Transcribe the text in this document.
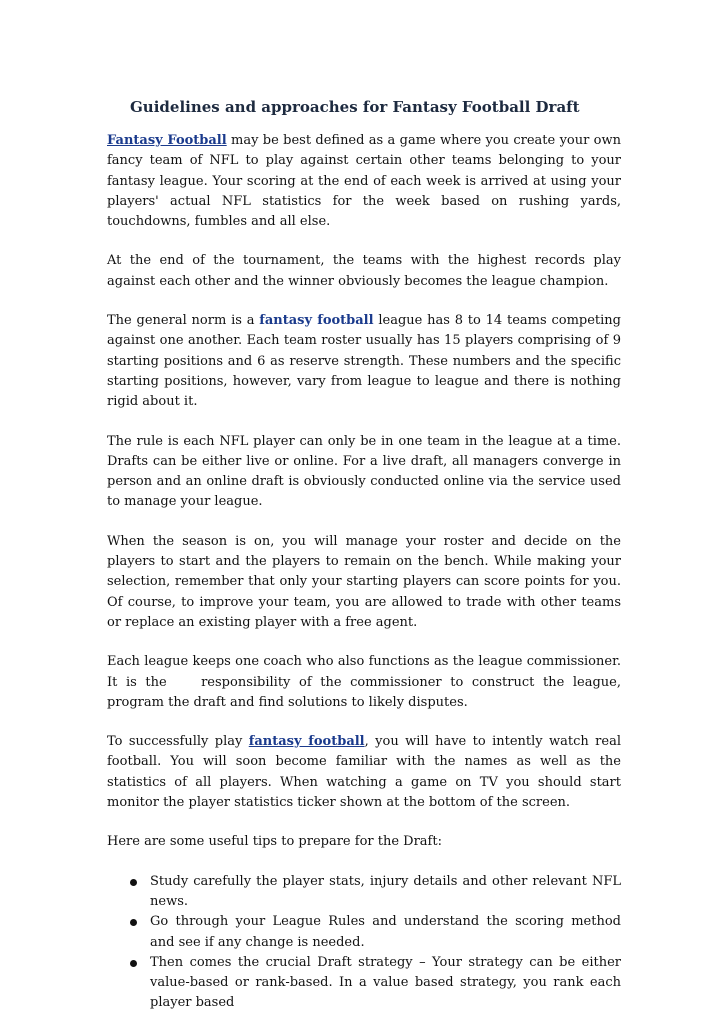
Guidelines and approaches for Fantasy Football Draft

Fantasy Football may be best defined as a game where you create your own fancy team of NFL to play against certain other teams belonging to your fantasy league. Your scoring at the end of each week is arrived at using your players' actual NFL statistics for the week based on rushing yards, touchdowns, fumbles and all else.

At the end of the tournament, the teams with the highest records play against each other and the winner obviously becomes the league champion.

The general norm is a fantasy football league has 8 to 14 teams competing against one another. Each team roster usually has 15 players comprising of 9 starting positions and 6 as reserve strength. These numbers and the specific starting positions, however, vary from league to league and there is nothing rigid about it.

The rule is each NFL player can only be in one team in the league at a time. Drafts can be either live or online. For a live draft, all managers converge in person and an online draft is obviously conducted online via the service used to manage your league.

When the season is on, you will manage your roster and decide on the players to start and the players to remain on the bench. While making your selection, remember that only your starting players can score points for you. Of course, to improve your team, you are allowed to trade with other teams or replace an existing player with a free agent.

Each league keeps one coach who also functions as the league commissioner. It is the    responsibility of the commissioner to construct the league, program the draft and find solutions to likely disputes.

To successfully play fantasy football, you will have to intently watch real football. You will soon become familiar with the names as well as the statistics of all players. When watching a game on TV you should start monitor the player statistics ticker shown at the bottom of the screen.

Here are some useful tips to prepare for the Draft:

Study carefully the player stats, injury details and other relevant NFL news.
Go through your League Rules and understand the scoring method and see if any change is needed.
Then comes the crucial Draft strategy – Your strategy can be either value-based or rank-based. In a value based strategy, you rank each player based
